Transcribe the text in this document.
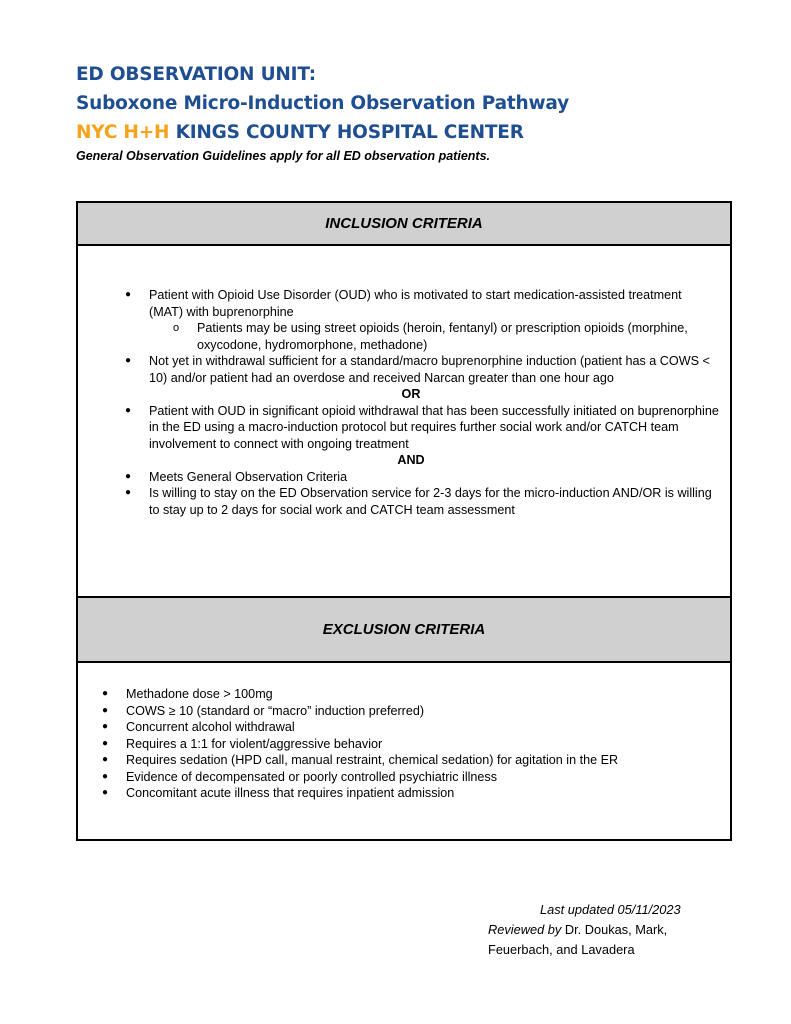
ED OBSERVATION UNIT:
Suboxone Micro-Induction Observation Pathway
NYC H+H KINGS COUNTY HOSPITAL CENTER
General Observation Guidelines apply for all ED observation patients.
INCLUSION CRITERIA
● Patient with Opioid Use Disorder (OUD) who is motivated to start medication-assisted treatment (MAT) with buprenorphine
o Patients may be using street opioids (heroin, fentanyl) or prescription opioids (morphine, oxycodone, hydromorphone, methadone)
● Not yet in withdrawal sufficient for a standard/macro buprenorphine induction (patient has a COWS < 10) and/or patient had an overdose and received Narcan greater than one hour ago
OR
● Patient with OUD in significant opioid withdrawal that has been successfully initiated on buprenorphine in the ED using a macro-induction protocol but requires further social work and/or CATCH team involvement to connect with ongoing treatment
AND
● Meets General Observation Criteria
● Is willing to stay on the ED Observation service for 2-3 days for the micro-induction AND/OR is willing to stay up to 2 days for social work and CATCH team assessment
EXCLUSION CRITERIA
● Methadone dose > 100mg
● COWS ≥ 10 (standard or “macro” induction preferred)
● Concurrent alcohol withdrawal
● Requires a 1:1 for violent/aggressive behavior
● Requires sedation (HPD call, manual restraint, chemical sedation) for agitation in the ER
● Evidence of decompensated or poorly controlled psychiatric illness
● Concomitant acute illness that requires inpatient admission
Last updated 05/11/2023
Reviewed by Dr. Doukas, Mark,
Feuerbach, and Lavadera
